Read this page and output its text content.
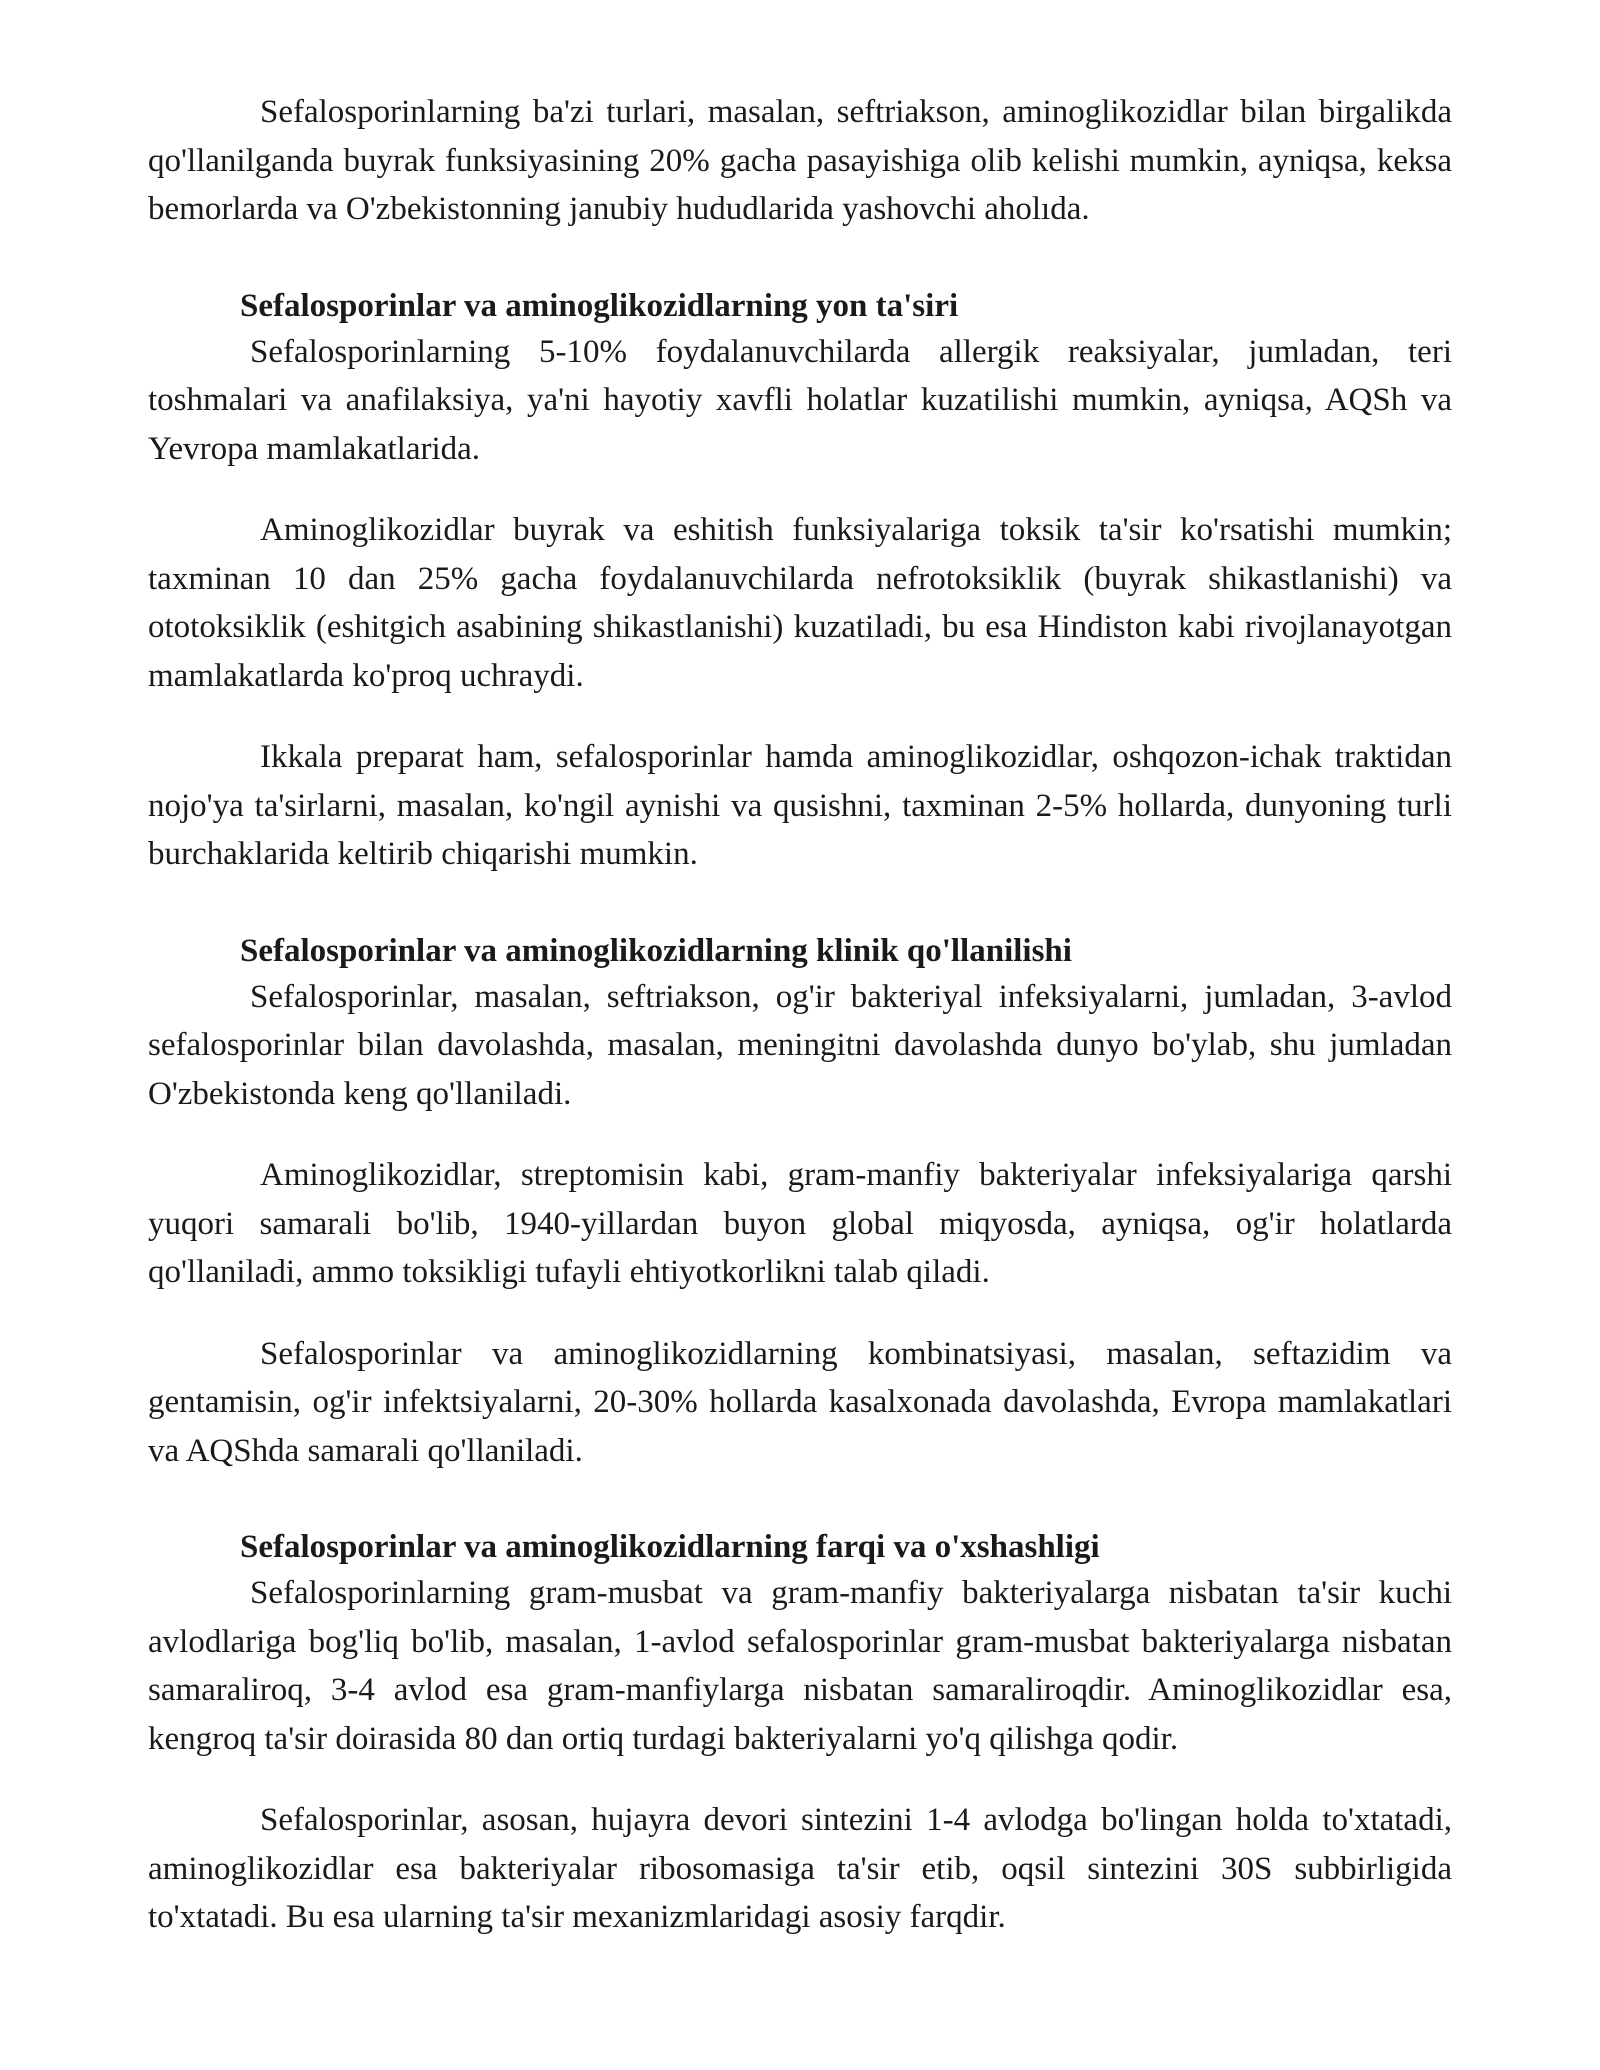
Sefalosporinlarning ba'zi turlari, masalan, seftriakson, aminoglikozidlar bilan birgalikda qo'llanilganda buyrak funksiyasining 20% gacha pasayishiga olib kelishi mumkin, ayniqsa, keksa bemorlarda va O'zbekistonning janubiy hududlarida yashovchi aholıda.

Sefalosporinlar va aminoglikozidlarning yon ta'siri

Sefalosporinlarning 5-10% foydalanuvchilarda allergik reaksiyalar, jumladan, teri toshmalari va anafilaksiya, ya'ni hayotiy xavfli holatlar kuzatilishi mumkin, ayniqsa, AQSh va Yevropa mamlakatlarida.

Aminoglikozidlar buyrak va eshitish funksiyalariga toksik ta'sir ko'rsatishi mumkin; taxminan 10 dan 25% gacha foydalanuvchilarda nefrotoksiklik (buyrak shikastlanishi) va ototoksiklik (eshitgich asabining shikastlanishi) kuzatiladi, bu esa Hindiston kabi rivojlanayotgan mamlakatlarda ko'proq uchraydi.

Ikkala preparat ham, sefalosporinlar hamda aminoglikozidlar, oshqozon-ichak traktidan nojo'ya ta'sirlarni, masalan, ko'ngil aynishi va qusishni, taxminan 2-5% hollarda, dunyoning turli burchaklarida keltirib chiqarishi mumkin.

Sefalosporinlar va aminoglikozidlarning klinik qo'llanilishi

Sefalosporinlar, masalan, seftriakson, og'ir bakteriyal infeksiyalarni, jumladan, 3-avlod sefalosporinlar bilan davolashda, masalan, meningitni davolashda dunyo bo'ylab, shu jumladan O'zbekistonda keng qo'llaniladi.

Aminoglikozidlar, streptomisin kabi, gram-manfiy bakteriyalar infeksiyalariga qarshi yuqori samarali bo'lib, 1940-yillardan buyon global miqyosda, ayniqsa, og'ir holatlarda qo'llaniladi, ammo toksikligi tufayli ehtiyotkorlikni talab qiladi.

Sefalosporinlar va aminoglikozidlarning kombinatsiyasi, masalan, seftazidim va gentamisin, og'ir infektsiyalarni, 20-30% hollarda kasalxonada davolashda, Evropa mamlakatlari va AQShda samarali qo'llaniladi.

Sefalosporinlar va aminoglikozidlarning farqi va o'xshashligi

Sefalosporinlarning gram-musbat va gram-manfiy bakteriyalarga nisbatan ta'sir kuchi avlodlariga bog'liq bo'lib, masalan, 1-avlod sefalosporinlar gram-musbat bakteriyalarga nisbatan samaraliroq, 3-4 avlod esa gram-manfiylarga nisbatan samaraliroqdir. Aminoglikozidlar esa, kengroq ta'sir doirasida 80 dan ortiq turdagi bakteriyalarni yo'q qilishga qodir.

Sefalosporinlar, asosan, hujayra devori sintezini 1-4 avlodga bo'lingan holda to'xtatadi, aminoglikozidlar esa bakteriyalar ribosomasiga ta'sir etib, oqsil sintezini 30S subbirligida to'xtatadi. Bu esa ularning ta'sir mexanizmlaridagi asosiy farqdir.
